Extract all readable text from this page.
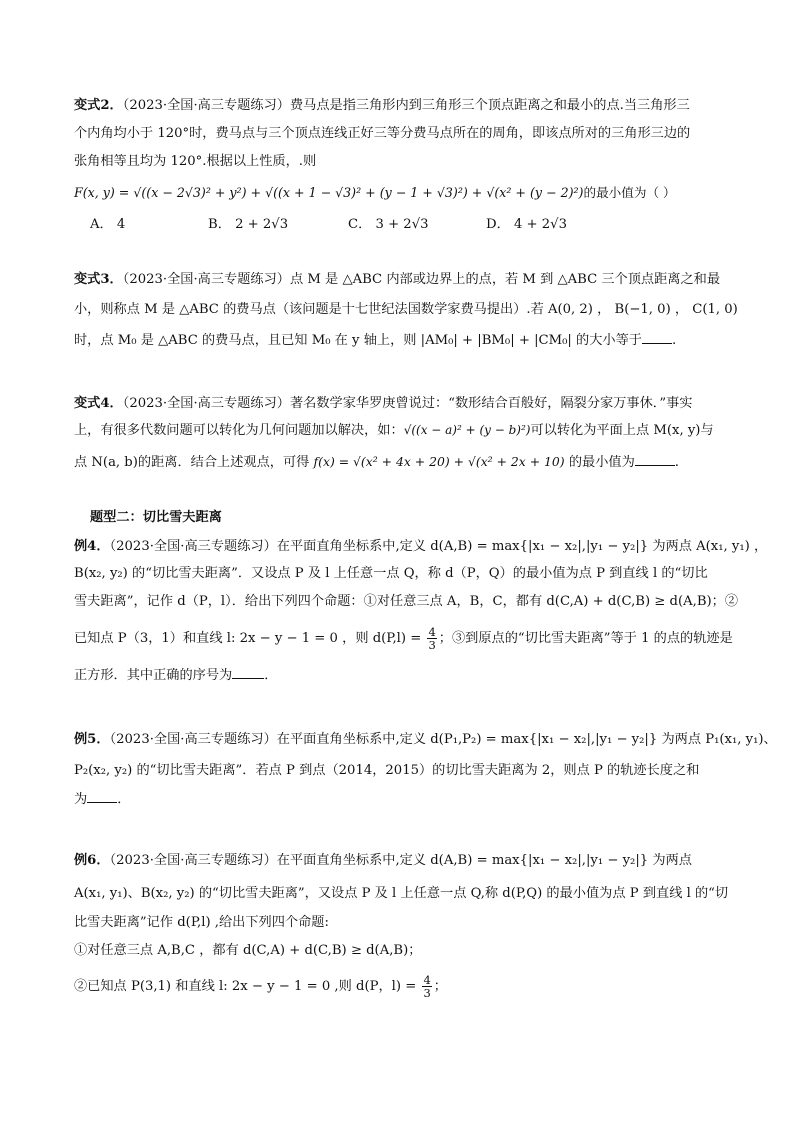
变式2．（2023·全国·高三专题练习）费马点是指三角形内到三角形三个顶点距离之和最小的点.当三角形三
个内角均小于 120°时，费马点与三个顶点连线正好三等分费马点所在的周角，即该点所对的三角形三边的
张角相等且均为 120°.根据以上性质，.则
F(x, y) = √((x − 2√3)² + y²) + √((x + 1 − √3)² + (y − 1 + √3)²) + √(x² + (y − 2)²)的最小值为（ ）
A． 4	B． 2 + 2√3	C． 3 + 2√3	D． 4 + 2√3
变式3．（2023·全国·高三专题练习）点 M 是 △ABC 内部或边界上的点，若 M 到 △ABC 三个顶点距离之和最
小，则称点 M 是 △ABC 的费马点（该问题是十七世纪法国数学家费马提出）.若 A(0, 2) ， B(−1, 0) ， C(1, 0)
时，点 M₀ 是 △ABC 的费马点，且已知 M₀ 在 y 轴上，则 |AM₀| + |BM₀| + |CM₀| 的大小等于 .
变式4．（2023·全国·高三专题练习）著名数学家华罗庚曾说过：“数形结合百般好，隔裂分家万事休．”事实
上，有很多代数问题可以转化为几何问题加以解决，如：√((x − a)² + (y − b)²)可以转化为平面上点 M(x, y)与
点 N(a, b)的距离．结合上述观点，可得 f(x) = √(x² + 4x + 20) + √(x² + 2x + 10) 的最小值为	.
题型二：切比雪夫距离
例4．（2023·全国·高三专题练习）在平面直角坐标系中,定义 d(A,B) = max{|x₁ − x₂|,|y₁ − y₂|} 为两点 A(x₁, y₁) ，
B(x₂, y₂) 的“切比雪夫距离”．又设点 P 及 l 上任意一点 Q，称 d（P，Q）的最小值为点 P 到直线 l 的“切比
雪夫距离”，记作 d（P，l）．给出下列四个命题：①对任意三点 A，B，C，都有 d(C,A) + d(C,B) ≥ d(A,B)；②
已知点 P（3，1）和直线 l: 2x − y − 1 = 0 ，则 $d(P,l) = \frac{4}{3}$ ；③到原点的“切比雪夫距离”等于 1 的点的轨迹是
正方形．其中正确的序号为 ．
例5．（2023·全国·高三专题练习）在平面直角坐标系中,定义 d(P₁,P₂) = max{|x₁ − x₂|,|y₁ − y₂|} 为两点 P₁(x₁, y₁)、
P₂(x₂, y₂) 的“切比雪夫距离”．若点 P 到点（2014，2015）的切比雪夫距离为 2，则点 P 的轨迹长度之和
为 ．
例6．（2023·全国·高三专题练习）在平面直角坐标系中,定义 d(A,B) = max{|x₁ − x₂|,|y₁ − y₂|} 为两点
A(x₁, y₁)、B(x₂, y₂) 的“切比雪夫距离”，又设点 P 及 l 上任意一点 Q,称 d(P,Q) 的最小值为点 P 到直线 l 的“切
比雪夫距离”记作 d(P,l) ,给出下列四个命题:
①对任意三点 A,B,C ，都有 d(C,A) + d(C,B) ≥ d(A,B)；
②已知点 P(3,1) 和直线 l: 2x − y − 1 = 0 ,则 d(P，$l) = \frac{4}{3}$ ；
